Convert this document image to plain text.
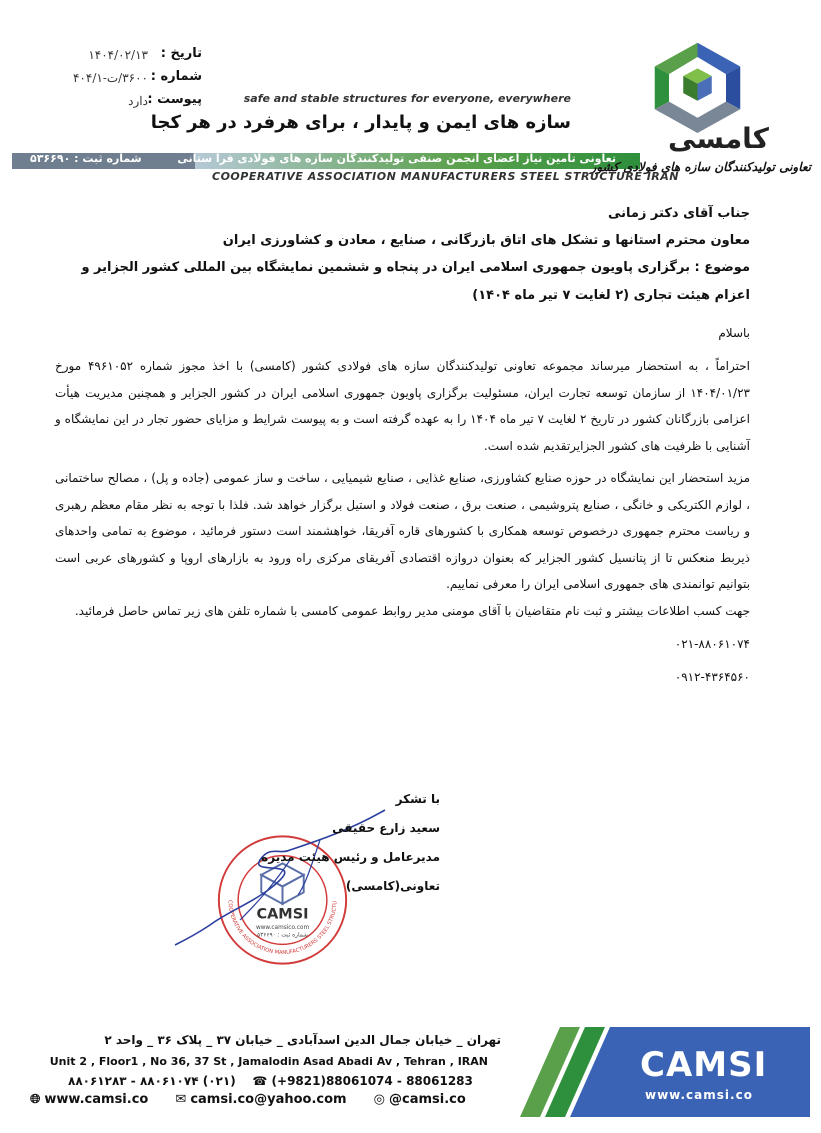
کامسی
safe and stable structures for everyone, everywhere
سازه های ایمن و پایدار ، برای هرفرد در هر کجا
تاریخ :
۱۴۰۴/۰۲/۱۳
شماره :
۳۶۰۰/ت-۴۰۴/۱
پیوست :
دارد
تعاونی تامین نیاز اعضای انجمن صنفی تولیدکنندگان سازه های فولادی فرا ستانی
شماره ثبت : ۵۳۶۶۹۰
تعاونی تولیدکنندگان سازه های فولادی کشور
COOPERATIVE ASSOCIATION MANUFACTURERS STEEL STRUCTURE IRAN

جناب آقای دکتر زمانی

معاون محترم استانها و تشکل های اتاق بازرگانی ، صنایع ، معادن و کشاورزی ایران

موضوع : برگزاری پاویون جمهوری اسلامی ایران در پنجاه و ششمین نمایشگاه بین المللی کشور الجزایر و اعزام هیئت تجاری (۲ لغایت ۷ تیر ماه ۱۴۰۴)

باسلام

احتراماً ، به استحضار میرساند مجموعه تعاونی تولیدکنندگان سازه های فولادی کشور (کامسی) با اخذ مجوز شماره ۴۹۶۱۰۵۲ مورخ ۱۴۰۴/۰۱/۲۳ از سازمان توسعه تجارت ایران، مسئولیت برگزاری پاویون جمهوری اسلامی ایران در کشور الجزایر و همچنین مدیریت هیأت اعزامی بازرگانان کشور در تاریخ ۲ لغایت ۷ تیر ماه ۱۴۰۴ را به عهده گرفته است و به پیوست شرایط و مزایای حضور تجار در این نمایشگاه و آشنایی با ظرفیت های کشور الجزایرتقدیم شده است.

مزید استحضار این نمایشگاه در حوزه صنایع کشاورزی، صنایع غذایی ، صنایع شیمیایی ، ساخت و ساز عمومی (جاده و پل) ، مصالح ساختمانی ، لوازم الکتریکی و خانگی ، صنایع پتروشیمی ، صنعت برق ، صنعت فولاد و استیل برگزار خواهد شد. فلذا با توجه به نظر مقام معظم رهبری و ریاست محترم جمهوری درخصوص توسعه همکاری با کشورهای قاره آفریقا، خواهشمند است دستور فرمائید ، موضوع به تمامی واحدهای ذیربط منعکس تا از پتانسیل کشور الجزایر که بعنوان دروازه اقتصادی آفریقای مرکزی راه ورود به بازارهای اروپا و کشورهای عربی است بتوانیم توانمندی های جمهوری اسلامی ایران را معرفی نماییم.

جهت کسب اطلاعات بیشتر و ثبت نام متقاضیان با آقای مومنی مدیر روابط عمومی کامسی با شماره تلفن های زیر تماس حاصل فرمائید.

۰۲۱-۸۸۰۶۱۰۷۴

۰۹۱۲-۴۳۶۴۵۶۰

CAMSI
www.camsico.com
شماره ثبت : ۵۳۶۶۹۰
COOPERATIVE ASSOCIATION MANUFACTURERS STEEL STRUCTU

با تشکر

سعید زارع حقیقی

مدیرعامل و رئیس هیئت مدیره تعاونی(کامسی)

CAMSI
www.camsi.co
تهران _ خیابان جمال الدین اسدآبادی _ خیابان ۳۷ _ پلاک ۳۶ _ واحد ۲
Unit 2 , Floor1 , No 36, 37 St , Jamalodin Asad Abadi Av , Tehran , IRAN
(۰۲۱) ۸۸۰۶۱۰۷۴ - ۸۸۰۶۱۲۸۳ ☎ (+9821)88061074 - 88061283
🌐︎ www.camsi.co ✉ camsi.co@yahoo.com ◎ @camsi.co
